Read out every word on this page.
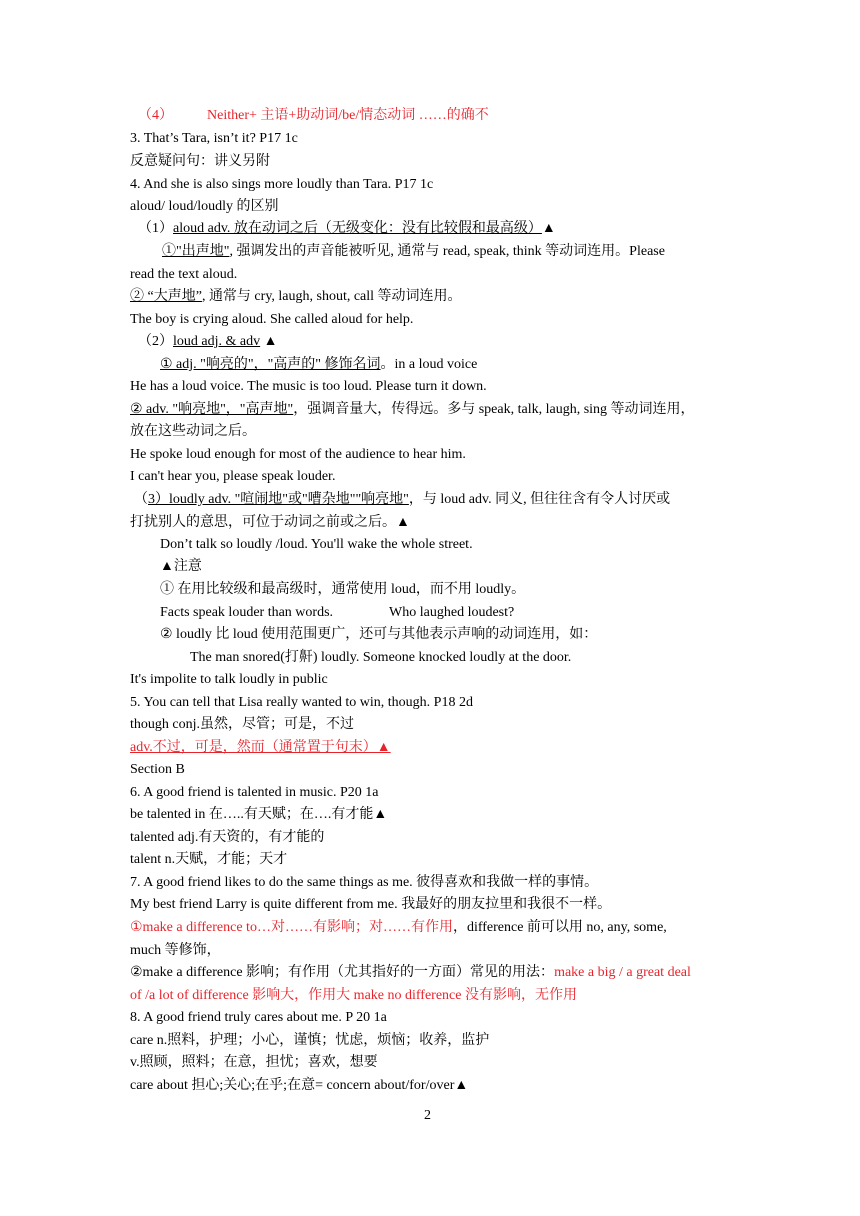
（4） Neither+ 主语+助动词/be/情态动词 ……的确不
3. That’s Tara, isn’t it? P17 1c
反意疑问句：讲义另附
4. And she is also sings more loudly than Tara. P17 1c
aloud/ loud/loudly 的区别
（1）aloud adv. 放在动词之后（无级变化：没有比较假和最高级）▲
①"出声地", 强调发出的声音能被听见, 通常与 read, speak, think 等动词连用。Please
read the text aloud.
② “大声地”, 通常与 cry, laugh, shout, call 等动词连用。
The boy is crying aloud. She called aloud for help.
（2）loud adj. & adv ▲
① adj. "响亮的"，"高声的" 修饰名词。in a loud voice
He has a loud voice. The music is too loud. Please turn it down.
② adv. "响亮地"，"高声地"，强调音量大，传得远。多与 speak, talk, laugh, sing 等动词连用，
放在这些动词之后。
He spoke loud enough for most of the audience to hear him.
I can't hear you, please speak louder.
（3）loudly adv. "喧闹地"或"嘈杂地""响亮地"，与 loud adv. 同义, 但往往含有令人讨厌或
打扰别人的意思，可位于动词之前或之后。▲
Don’t talk so loudly /loud. You'll wake the whole street.
▲注意
① 在用比较级和最高级时，通常使用 loud，而不用 loudly。
Facts speak louder than words.	Who laughed loudest?
② loudly 比 loud 使用范围更广，还可与其他表示声响的动词连用，如：
The man snored(打鼾) loudly. Someone knocked loudly at the door.
It's impolite to talk loudly in public
5. You can tell that Lisa really wanted to win, though. P18 2d
though conj.虽然，尽管；可是，不过
adv.不过，可是，然而（通常置于句末）▲
Section B
6. A good friend is talented in music. P20 1a
be talented in 在…..有天赋；在….有才能▲
talented adj.有天资的，有才能的
talent n.天赋，才能；天才
7. A good friend likes to do the same things as me. 彼得喜欢和我做一样的事情。
My best friend Larry is quite different from me. 我最好的朋友拉里和我很不一样。
①make a difference to…对……有影响；对……有作用，difference 前可以用 no, any, some,
much 等修饰，
②make a difference 影响；有作用（尤其指好的一方面）常见的用法：make a big / a great deal
of /a lot of difference 影响大，作用大 make no difference 没有影响，无作用
8. A good friend truly cares about me. P 20 1a
care n.照料，护理；小心，谨慎；忧虑，烦恼；收养，监护
v.照顾，照料；在意，担忧；喜欢，想要
care about 担心;关心;在乎;在意= concern about/for/over▲
2
